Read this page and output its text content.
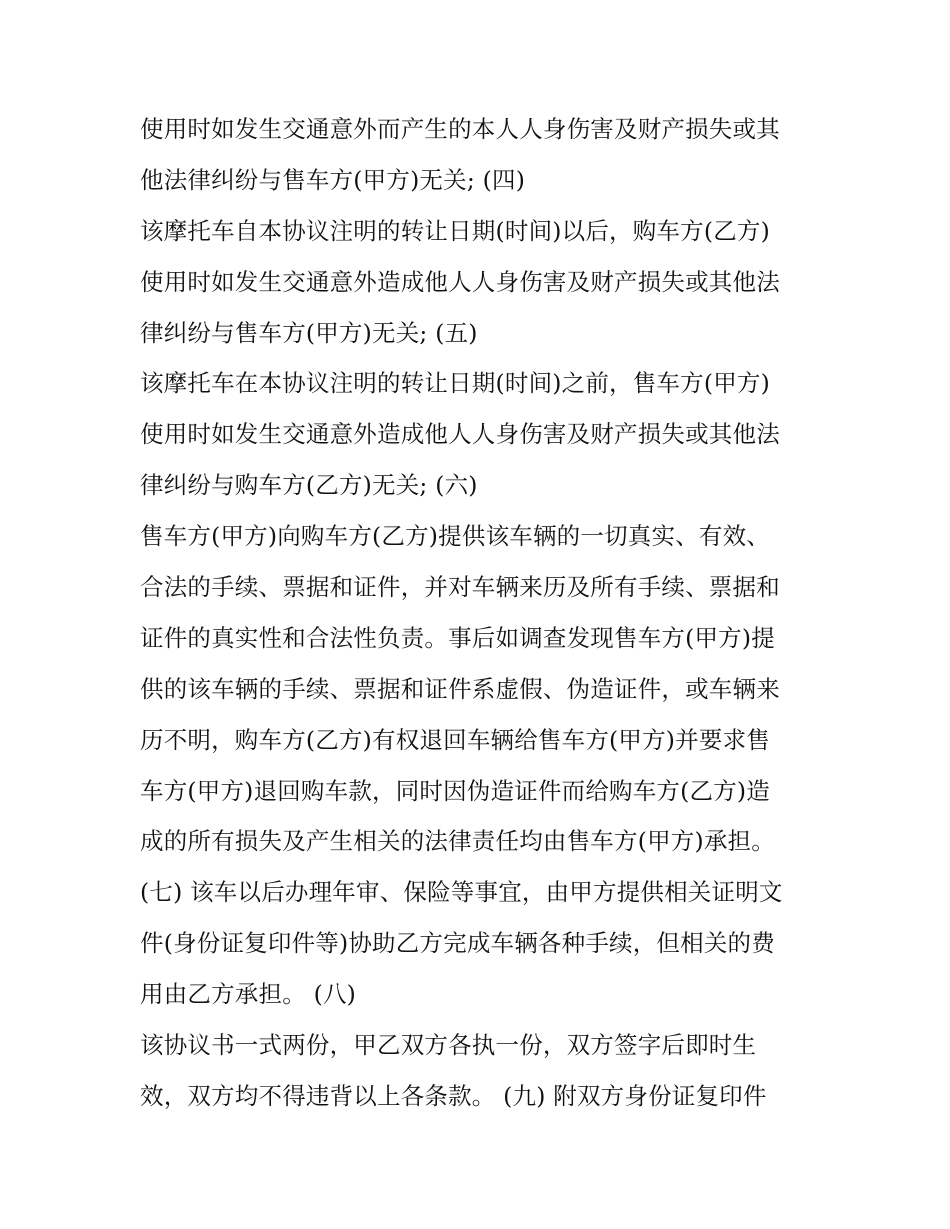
使用时如发生交通意外而产生的本人人身伤害及财产损失或其
他法律纠纷与售车方(甲方)无关; (四)
该摩托车自本协议注明的转让日期(时间)以后，购车方(乙方)
使用时如发生交通意外造成他人人身伤害及财产损失或其他法
律纠纷与售车方(甲方)无关; (五)
该摩托车在本协议注明的转让日期(时间)之前，售车方(甲方)
使用时如发生交通意外造成他人人身伤害及财产损失或其他法
律纠纷与购车方(乙方)无关; (六)
售车方(甲方)向购车方(乙方)提供该车辆的一切真实、有效、
合法的手续、票据和证件，并对车辆来历及所有手续、票据和
证件的真实性和合法性负责。事后如调查发现售车方(甲方)提
供的该车辆的手续、票据和证件系虚假、伪造证件，或车辆来
历不明，购车方(乙方)有权退回车辆给售车方(甲方)并要求售
车方(甲方)退回购车款，同时因伪造证件而给购车方(乙方)造
成的所有损失及产生相关的法律责任均由售车方(甲方)承担。
(七) 该车以后办理年审、保险等事宜，由甲方提供相关证明文
件(身份证复印件等)协助乙方完成车辆各种手续，但相关的费
用由乙方承担。 (八)
该协议书一式两份，甲乙双方各执一份，双方签字后即时生
效，双方均不得违背以上各条款。 (九) 附双方身份证复印件
